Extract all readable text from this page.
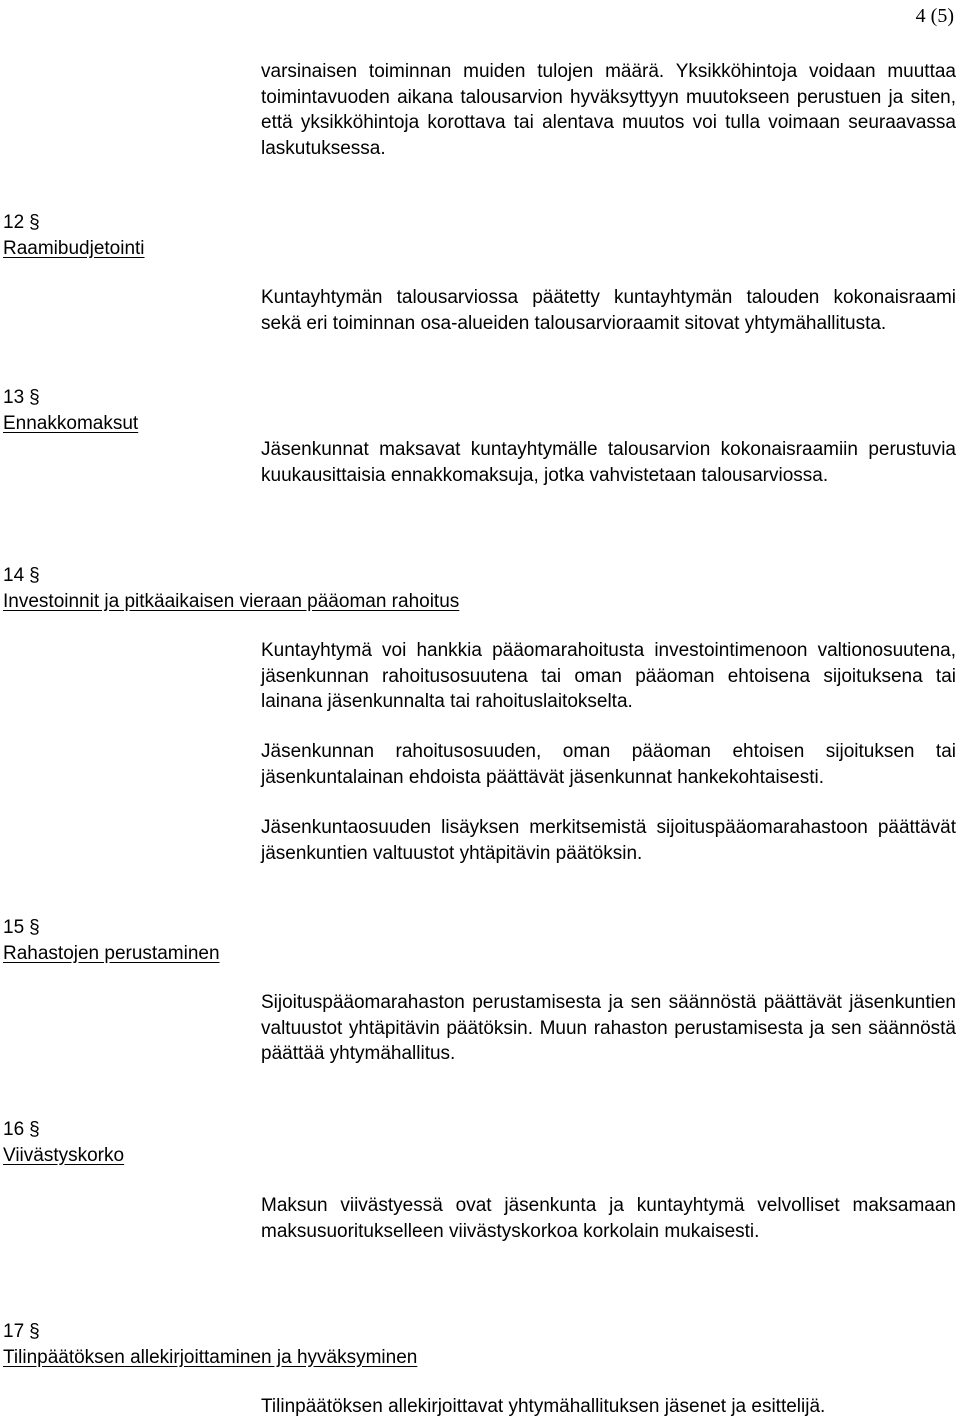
4 (5)

varsinaisen toiminnan muiden tulojen määrä. Yksikköhintoja voidaan muuttaa toimintavuoden aikana talousarvion hyväksyttyyn muutokseen perustuen ja siten, että yksikköhintoja korottava tai alentava muutos voi tulla voimaan seuraavassa laskutuksessa.

12 §
Raamibudjetointi

Kuntayhtymän talousarviossa päätetty kuntayhtymän talouden kokonaisraami sekä eri toiminnan osa-alueiden talousarvioraamit sitovat yhtymähallitusta.

13 §
Ennakkomaksut

Jäsenkunnat maksavat kuntayhtymälle talousarvion kokonaisraamiin perustuvia kuukausittaisia ennakkomaksuja, jotka vahvistetaan talousarviossa.

14 §
Investoinnit ja pitkäaikaisen vieraan pääoman rahoitus

Kuntayhtymä voi hankkia pääomarahoitusta investointimenoon valtionosuutena, jäsenkunnan rahoitusosuutena tai oman pääoman ehtoisena sijoituksena tai lainana jäsenkunnalta tai rahoituslaitokselta.

Jäsenkunnan rahoitusosuuden, oman pääoman ehtoisen sijoituksen tai jäsenkuntalainan ehdoista päättävät jäsenkunnat hankekohtaisesti.

Jäsenkuntaosuuden lisäyksen merkitsemistä sijoituspääomarahastoon päättävät jäsenkuntien valtuustot yhtäpitävin päätöksin.

15 §
Rahastojen perustaminen

Sijoituspääomarahaston perustamisesta ja sen säännöstä päättävät jäsenkuntien valtuustot yhtäpitävin päätöksin. Muun rahaston perustamisesta ja sen säännöstä päättää yhtymähallitus.

16 §
Viivästyskorko

Maksun viivästyessä ovat jäsenkunta ja kuntayhtymä velvolliset maksamaan maksusuoritukselleen viivästyskorkoa korkolain mukaisesti.

17 §
Tilinpäätöksen allekirjoittaminen ja hyväksyminen

Tilinpäätöksen allekirjoittavat yhtymähallituksen jäsenet ja esittelijä.
